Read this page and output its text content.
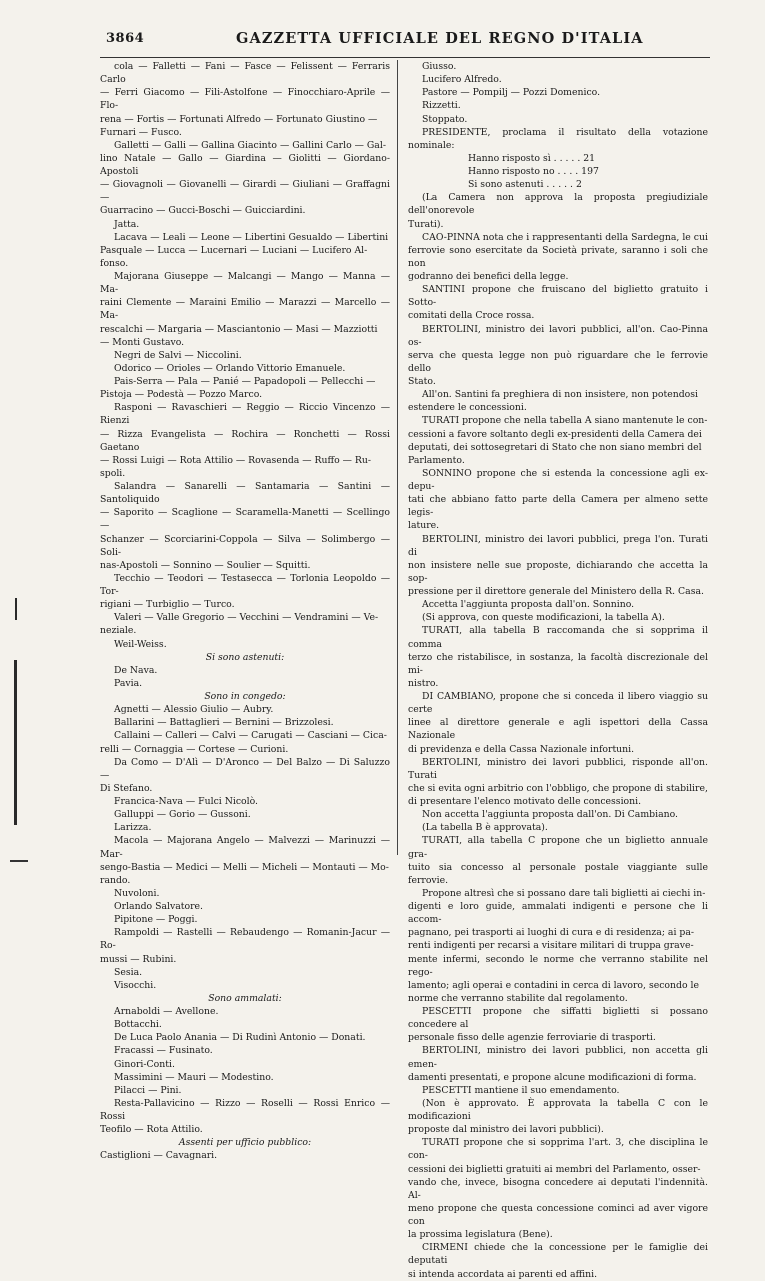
3864	GAZZETTA UFFICIALE DEL REGNO D'ITALIA
cola — Falletti — Fani — Fasce — Felissent — Ferraris Carlo
— Ferri Giacomo — Fili-Astolfone — Finocchiaro-Aprile — Flo-
rena — Fortis — Fortunati Alfredo — Fortunato Giustino —
Furnari — Fusco.
Galletti — Galli — Gallina Giacinto — Gallini Carlo — Gal-
lino Natale — Gallo — Giardina — Giolitti — Giordano-Apostoli
— Giovagnoli — Giovanelli — Girardi — Giuliani — Graffagni —
Guarracino — Gucci-Boschi — Guicciardini.
Jatta.
Lacava — Leali — Leone — Libertini Gesualdo — Libertini
Pasquale — Lucca — Lucernari — Luciani — Lucifero Al-
fonso.
Majorana Giuseppe — Malcangi — Mango — Manna — Ma-
raini Clemente — Maraini Emilio — Marazzi — Marcello — Ma-
rescalchi — Margaria — Masciantonio — Masi — Mazziotti
— Monti Gustavo.
Negri de Salvi — Niccolini.
Odorico — Orioles — Orlando Vittorio Emanuele.
Pais-Serra — Pala — Panié — Papadopoli — Pellecchi —
Pistoja — Podestà — Pozzo Marco.
Rasponi — Ravaschieri — Reggio — Riccio Vincenzo — Rienzi
— Rizza Evangelista — Rochira — Ronchetti — Rossi Gaetano
— Rossi Luigi — Rota Attilio — Rovasenda — Ruffo — Ru-
spoli.
Salandra — Sanarelli — Santamaria — Santini — Santoliquido
— Saporito — Scaglione — Scaramella-Manetti — Scellingo —
Schanzer — Scorciarini-Coppola — Silva — Solimbergo — Soli-
nas-Apostoli — Sonnino — Soulier — Squitti.
Tecchio — Teodori — Testasecca — Torlonia Leopoldo — Tor-
rigiani — Turbiglio — Turco.
Valeri — Valle Gregorio — Vecchini — Vendramini — Ve-
neziale.
Weil-Weiss.
Si sono astenuti:
De Nava.
Pavia.
Sono in congedo:
Agnetti — Alessio Giulio — Aubry.
Ballarini — Battaglieri — Bernini — Brizzolesi.
Callaini — Calleri — Calvi — Carugati — Casciani — Cica-
relli — Cornaggia — Cortese — Curioni.
Da Como — D'Alì — D'Aronco — Del Balzo — Di Saluzzo —
Di Stefano.
Francica-Nava — Fulci Nicolò.
Galluppi — Gorio — Gussoni.
Larizza.
Macola — Majorana Angelo — Malvezzi — Marinuzzi — Mar-
sengo-Bastia — Medici — Melli — Micheli — Montauti — Mo-
rando.
Nuvoloni.
Orlando Salvatore.
Pipitone — Poggi.
Rampoldi — Rastelli — Rebaudengo — Romanin-Jacur — Ro-
mussi — Rubini.
Sesia.
Visocchi.
Sono ammalati:
Arnaboldi — Avellone.
Bottacchi.
De Luca Paolo Anania — Di Rudinì Antonio — Donati.
Fracassi — Fusinato.
Ginori-Conti.
Massimini — Mauri — Modestino.
Pilacci — Pini.
Resta-Pallavicino — Rizzo — Roselli — Rossi Enrico — Rossi
Teofilo — Rota Attilio.
Assenti per ufficio pubblico:
Castiglioni — Cavagnari.
Giusso.
Lucifero Alfredo.
Pastore — Pompilj — Pozzi Domenico.
Rizzetti.
Stoppato.
PRESIDENTE, proclama il risultato della votazione nominale:
Hanno risposto sì . . . . . 21
Hanno risposto no . . . . 197
Si sono astenuti . . . . . 2
(La Camera non approva la proposta pregiudiziale dell'onorevole
Turati).
CAO-PINNA nota che i rappresentanti della Sardegna, le cui
ferrovie sono esercitate da Società private, saranno i soli che non
godranno dei benefici della legge.
SANTINI propone che fruiscano del biglietto gratuito i Sotto-
comitati della Croce rossa.
BERTOLINI, ministro dei lavori pubblici, all'on. Cao-Pinna os-
serva che questa legge non può riguardare che le ferrovie dello
Stato.
All'on. Santini fa preghiera di non insistere, non potendosi
estendere le concessioni.
TURATI propone che nella tabella A siano mantenute le con-
cessioni a favore soltanto degli ex-presidenti della Camera dei
deputati, dei sottosegretari di Stato che non siano membri del
Parlamento.
SONNINO propone che si estenda la concessione agli ex-depu-
tati che abbiano fatto parte della Camera per almeno sette legis-
lature.
BERTOLINI, ministro dei lavori pubblici, prega l'on. Turati di
non insistere nelle sue proposte, dichiarando che accetta la sop-
pressione per il direttore generale del Ministero della R. Casa.
Accetta l'aggiunta proposta dall'on. Sonnino.
(Si approva, con queste modificazioni, la tabella A).
TURATI, alla tabella B raccomanda che si sopprima il comma
terzo che ristabilisce, in sostanza, la facoltà discrezionale del mi-
nistro.
DI CAMBIANO, propone che si conceda il libero viaggio su certe
linee al direttore generale e agli ispettori della Cassa Nazionale
di previdenza e della Cassa Nazionale infortuni.
BERTOLINI, ministro dei lavori pubblici, risponde all'on. Turati
che si evita ogni arbitrio con l'obbligo, che propone di stabilire,
di presentare l'elenco motivato delle concessioni.
Non accetta l'aggiunta proposta dall'on. Di Cambiano.
(La tabella B è approvata).
TURATI, alla tabella C propone che un biglietto annuale gra-
tuito sia concesso al personale postale viaggiante sulle ferrovie.
Propone altresì che si possano dare tali biglietti ai ciechi in-
digenti e loro guide, ammalati indigenti e persone che li accom-
pagnano, pei trasporti ai luoghi di cura e di residenza; ai pa-
renti indigenti per recarsi a visitare militari di truppa grave-
mente infermi, secondo le norme che verranno stabilite nel rego-
lamento; agli operai e contadini in cerca di lavoro, secondo le
norme che verranno stabilite dal regolamento.
PESCETTI propone che siffatti biglietti si possano concedere al
personale fisso delle agenzie ferroviarie di trasporti.
BERTOLINI, ministro dei lavori pubblici, non accetta gli emen-
damenti presentati, e propone alcune modificazioni di forma.
PESCETTI mantiene il suo emendamento.
(Non è approvato. È approvata la tabella C con le modificazioni
proposte dal ministro dei lavori pubblici).
TURATI propone che si sopprima l'art. 3, che disciplina le con-
cessioni dei biglietti gratuiti ai membri del Parlamento, osser-
vando che, invece, bisogna concedere ai deputati l'indennità. Al-
meno propone che questa concessione cominci ad aver vigore con
la prossima legislatura (Bene).
CIRMENI chiede che la concessione per le famiglie dei deputati
si intenda accordata ai parenti ed affini.
